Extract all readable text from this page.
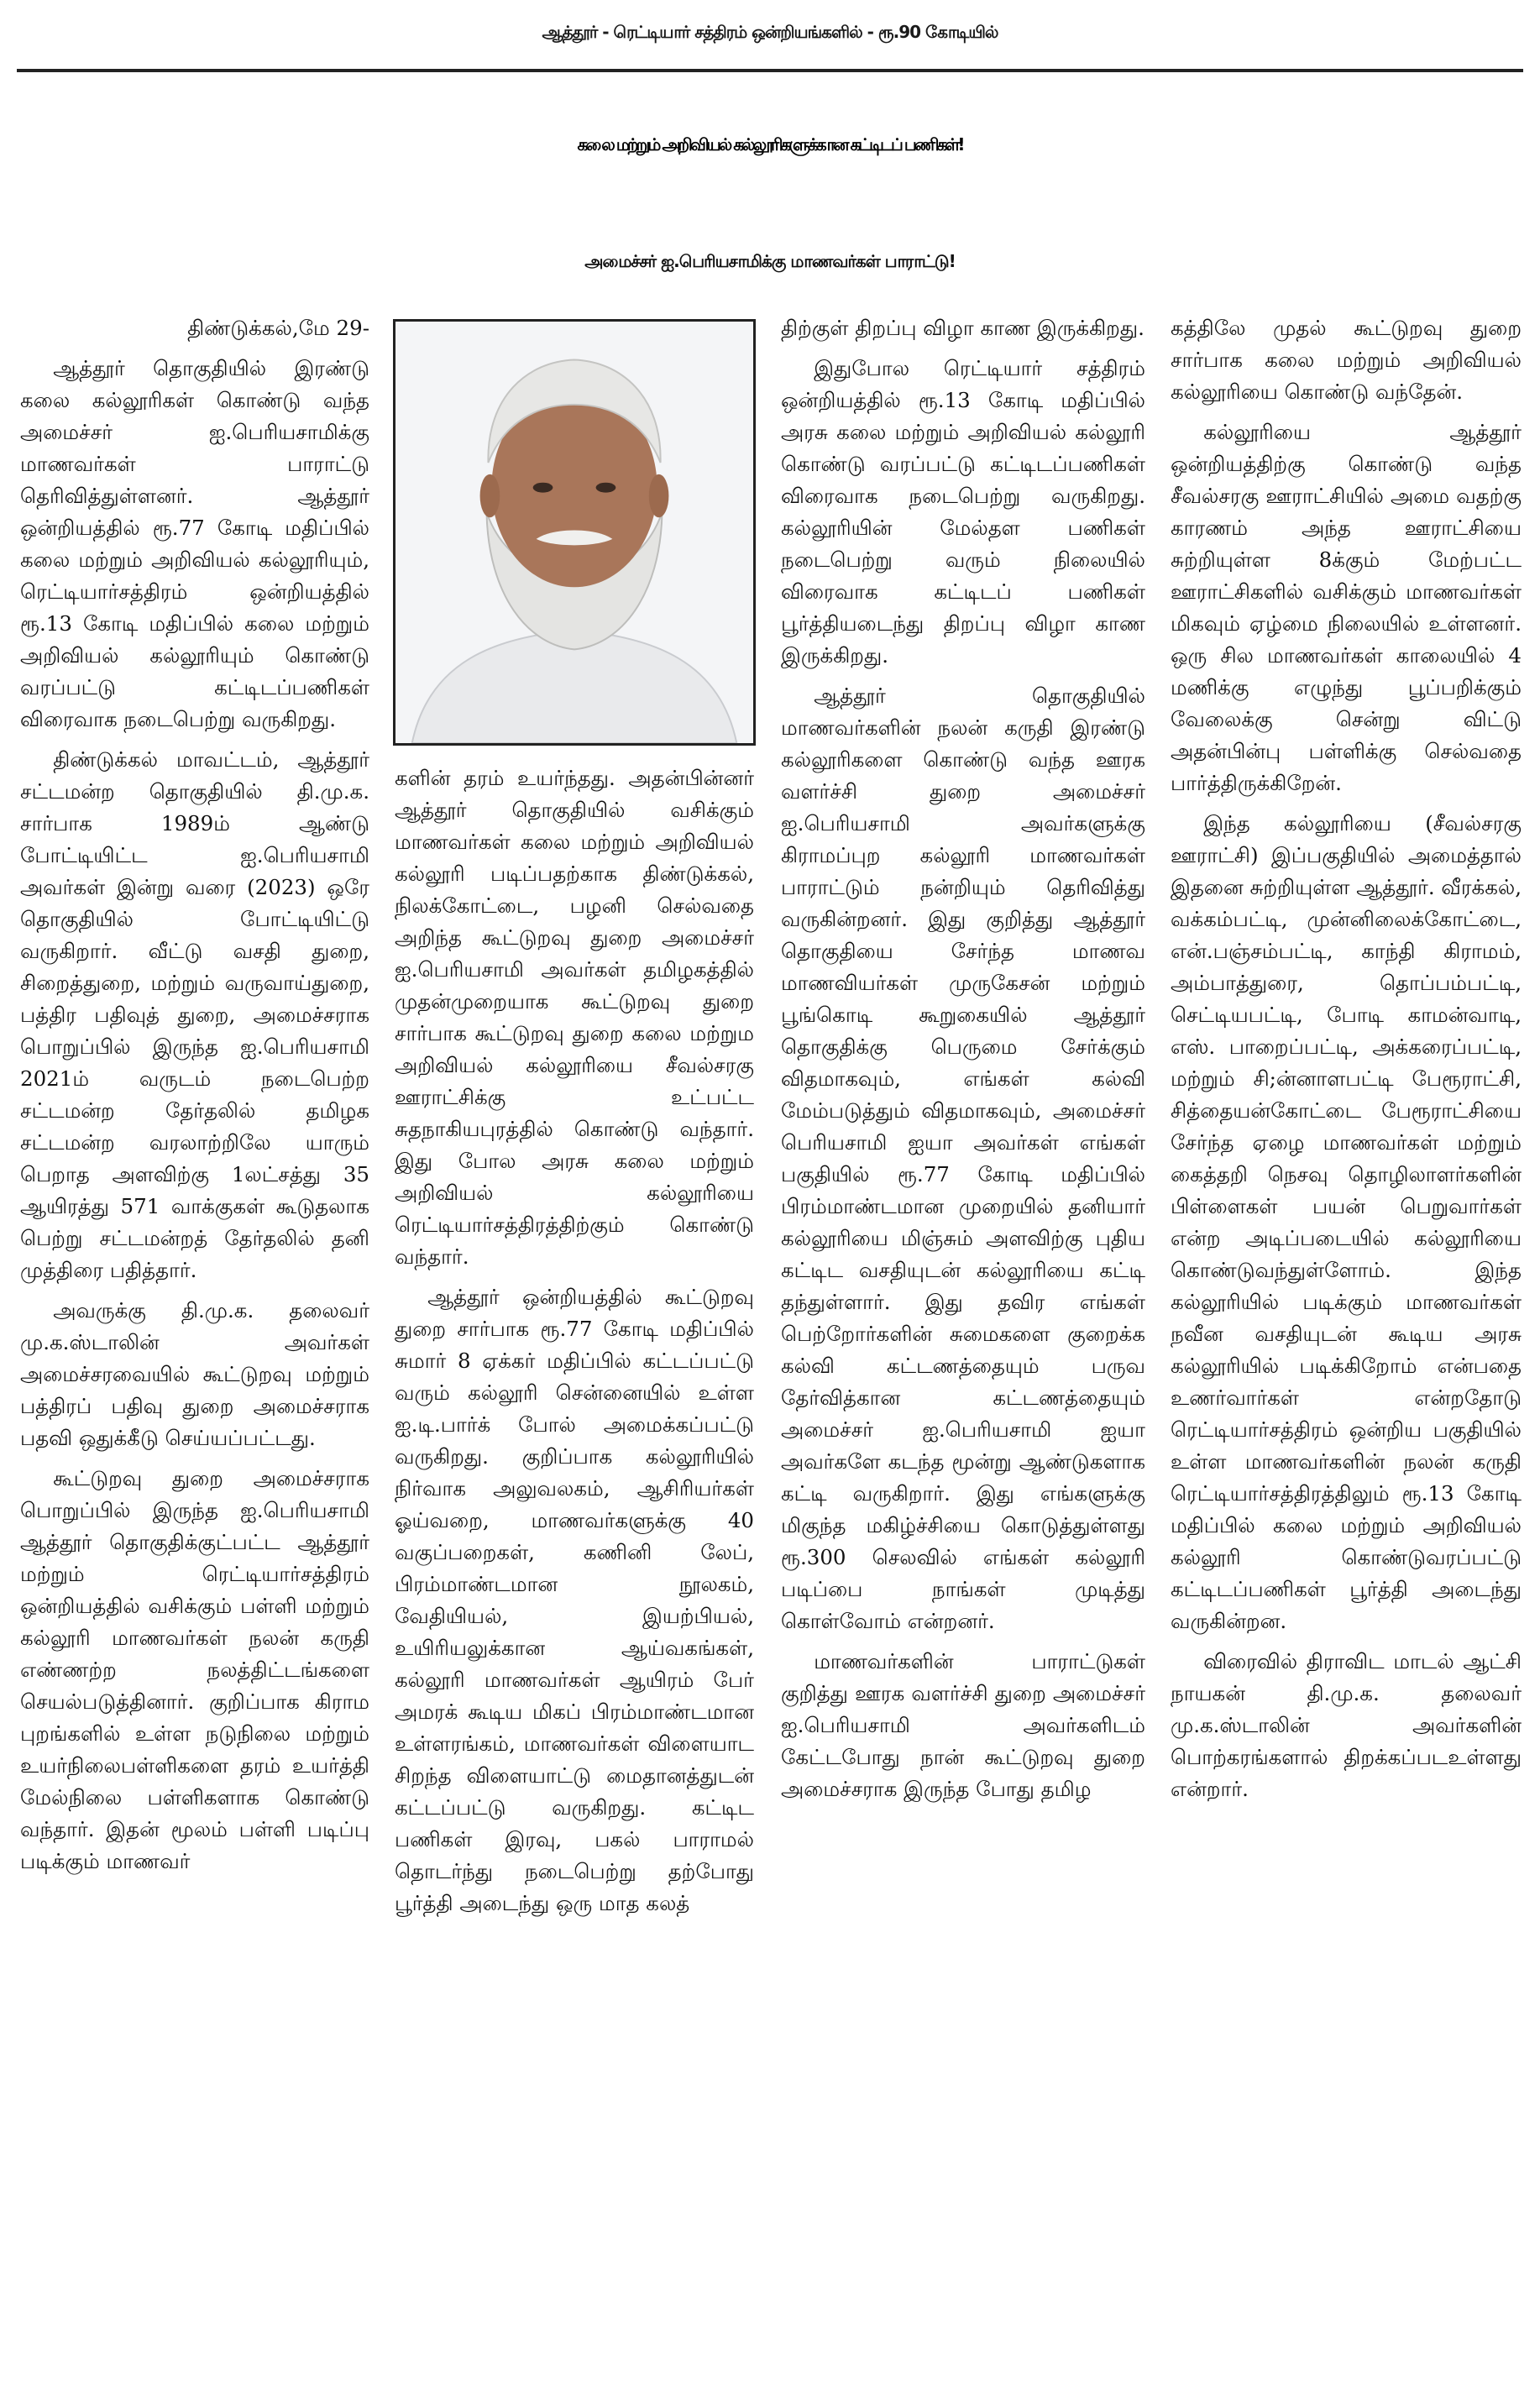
ஆத்தூர் - ரெட்டியார் சத்திரம் ஒன்றியங்களில் - ரூ.90 கோடியில்
கலை மற்றும் அறிவியல் கல்லூரிகளுக்கான கட்டிடப் பணிகள்!
அமைச்சர் ஐ.பெரியசாமிக்கு மாணவர்கள் பாராட்டு!

திண்டுக்கல்,மே 29-

ஆத்தூர் தொகுதியில் இரண்டு கலை கல்லூரிகள் கொண்டு வந்த அமைச்சர் ஐ.பெரியசாமிக்கு மாணவர்கள் பாராட்டு தெரிவித்துள்ளனர். ஆத்தூர் ஒன்றியத்தில் ரூ.77 கோடி மதிப்பில் கலை மற்றும் அறிவியல் கல்லூரியும், ரெட்டியார்சத்திரம் ஒன்றியத்தில் ரூ.13 கோடி மதிப்பில் கலை மற்றும் அறிவியல் கல்லூரியும் கொண்டு வரப்பட்டு கட்டிடப்பணிகள் விரைவாக நடைபெற்று வருகிறது.

திண்டுக்கல் மாவட்டம், ஆத்தூர் சட்டமன்ற தொகுதியில் தி.மு.க. சார்பாக 1989ம் ஆண்டு போட்டியிட்ட ஐ.பெரியசாமி அவர்கள் இன்று வரை (2023) ஒரே தொகுதியில் போட்டியிட்டு வருகிறார். வீட்டு வசதி துறை, சிறைத்துறை, மற்றும் வருவாய்துறை, பத்திர பதிவுத் துறை, அமைச்சராக பொறுப்பில் இருந்த ஐ.பெரியசாமி 2021ம் வருடம் நடைபெற்ற சட்டமன்ற தேர்தலில் தமிழக சட்டமன்ற வரலாற்றிலே யாரும் பெறாத அளவிற்கு 1லட்சத்து 35 ஆயிரத்து 571 வாக்குகள் கூடுதலாக பெற்று சட்டமன்றத் தேர்தலில் தனி முத்திரை பதித்தார்.

அவருக்கு தி.மு.க. தலைவர் மு.க.ஸ்டாலின் அவர்கள் அமைச்சரவையில் கூட்டுறவு மற்றும் பத்திரப் பதிவு துறை அமைச்சராக பதவி ஒதுக்கீடு செய்யப்பட்டது.

கூட்டுறவு துறை அமைச்சராக பொறுப்பில் இருந்த ஐ.பெரியசாமி ஆத்தூர் தொகுதிக்குட்பட்ட ஆத்தூர் மற்றும் ரெட்டியார்சத்திரம் ஒன்றியத்தில் வசிக்கும் பள்ளி மற்றும் கல்லூரி மாணவர்கள் நலன் கருதி எண்ணற்ற நலத்திட்டங்களை செயல்படுத்தினார். குறிப்பாக கிராம புறங்களில் உள்ள நடுநிலை மற்றும் உயர்நிலைபள்ளிகளை தரம் உயர்த்தி மேல்நிலை பள்ளிகளாக கொண்டு வந்தார். இதன் மூலம் பள்ளி படிப்பு படிக்கும் மாணவர்

களின் தரம் உயர்ந்தது. அதன்பின்னர் ஆத்தூர் தொகுதியில் வசிக்கும் மாணவர்கள் கலை மற்றும் அறிவியல் கல்லூரி படிப்பதற்காக திண்டுக்கல், நிலக்கோட்டை, பழனி செல்வதை அறிந்த கூட்டுறவு துறை அமைச்சர் ஐ.பெரியசாமி அவர்கள் தமிழகத்தில் முதன்முறையாக கூட்டுறவு துறை சார்பாக கூட்டுறவு துறை கலை மற்றும அறிவியல் கல்லூரியை சீவல்சரகு ஊராட்சிக்கு உட்பட்ட சுதநாகியபுரத்தில் கொண்டு வந்தார். இது போல அரசு கலை மற்றும் அறிவியல் கல்லூரியை ரெட்டியார்சத்திரத்திற்கும் கொண்டு வந்தார்.

ஆத்தூர் ஒன்றியத்தில் கூட்டுறவு துறை சார்பாக ரூ.77 கோடி மதிப்பில் சுமார் 8 ஏக்கர் மதிப்பில் கட்டப்பட்டு வரும் கல்லூரி சென்னையில் உள்ள ஐ.டி.பார்க் போல் அமைக்கப்பட்டு வருகிறது. குறிப்பாக கல்லூரியில் நிர்வாக அலுவலகம், ஆசிரியர்கள் ஓய்வறை, மாணவர்களுக்கு 40 வகுப்பறைகள், கணினி லேப், பிரம்மாண்டமான நூலகம், வேதியியல், இயற்பியல், உயிரியலுக்கான ஆய்வகங்கள், கல்லூரி மாணவர்கள் ஆயிரம் பேர் அமரக் கூடிய மிகப் பிரம்மாண்டமான உள்ளரங்கம், மாணவர்கள் விளையாட சிறந்த விளையாட்டு மைதானத்துடன் கட்டப்பட்டு வருகிறது. கட்டிட பணிகள் இரவு, பகல் பாராமல் தொடர்ந்து நடைபெற்று தற்போது பூர்த்தி அடைந்து ஒரு மாத கலத்

திற்குள் திறப்பு விழா காண இருக்கிறது.

இதுபோல ரெட்டியார் சத்திரம் ஒன்றியத்தில் ரூ.13 கோடி மதிப்பில் அரசு கலை மற்றும் அறிவியல் கல்லூரி கொண்டு வரப்பட்டு கட்டிடப்பணிகள் விரைவாக நடைபெற்று வருகிறது. கல்லூரியின் மேல்தள பணிகள் நடைபெற்று வரும் நிலையில் விரைவாக கட்டிடப் பணிகள் பூர்த்தியடைந்து திறப்பு விழா காண இருக்கிறது.

ஆத்தூர் தொகுதியில் மாணவர்களின் நலன் கருதி இரண்டு கல்லூரிகளை கொண்டு வந்த ஊரக வளர்ச்சி துறை அமைச்சர் ஐ.பெரியசாமி அவர்களுக்கு கிராமப்புற கல்லூரி மாணவர்கள் பாராட்டும் நன்றியும் தெரிவித்து வருகின்றனர். இது குறித்து ஆத்தூர் தொகுதியை சேர்ந்த மாணவ மாணவியர்கள் முருகேசன் மற்றும் பூங்கொடி கூறுகையில் ஆத்தூர் தொகுதிக்கு பெருமை சேர்க்கும் விதமாகவும், எங்கள் கல்வி மேம்படுத்தும் விதமாகவும், அமைச்சர் பெரியசாமி ஐயா அவர்கள் எங்கள் பகுதியில் ரூ.77 கோடி மதிப்பில் பிரம்மாண்டமான முறையில் தனியார் கல்லூரியை மிஞ்சும் அளவிற்கு புதிய கட்டிட வசதியுடன் கல்லூரியை கட்டி தந்துள்ளார். இது தவிர எங்கள் பெற்றோர்களின் சுமைகளை குறைக்க கல்வி கட்டணத்தையும் பருவ தேர்வித்கான கட்டணத்தையும் அமைச்சர் ஐ.பெரியசாமி ஐயா அவர்களே கடந்த மூன்று ஆண்டுகளாக கட்டி வருகிறார். இது எங்களுக்கு மிகுந்த மகிழ்ச்சியை கொடுத்துள்ளது ரூ.300 செலவில் எங்கள் கல்லூரி படிப்பை நாங்கள் முடித்து கொள்வோம் என்றனர்.

மாணவர்களின் பாராட்டுகள் குறித்து ஊரக வளர்ச்சி துறை அமைச்சர் ஐ.பெரியசாமி அவர்களிடம் கேட்டபோது நான் கூட்டுறவு துறை அமைச்சராக இருந்த போது தமிழ

கத்திலே முதல் கூட்டுறவு துறை சார்பாக கலை மற்றும் அறிவியல் கல்லூரியை கொண்டு வந்தேன்.

கல்லூரியை ஆத்தூர் ஒன்றியத்திற்கு கொண்டு வந்த சீவல்சரகு ஊராட்சியில் அமை வதற்கு காரணம் அந்த ஊராட்சியை சுற்றியுள்ள 8க்கும் மேற்பட்ட ஊராட்சிகளில் வசிக்கும் மாணவர்கள் மிகவும் ஏழ்மை நிலையில் உள்ளனர். ஒரு சில மாணவர்கள் காலையில் 4 மணிக்கு எழுந்து பூப்பறிக்கும் வேலைக்கு சென்று விட்டு அதன்பின்பு பள்ளிக்கு செல்வதை பார்த்திருக்கிறேன்.

இந்த கல்லூரியை (சீவல்சரகு ஊராட்சி) இப்பகுதியில் அமைத்தால் இதனை சுற்றியுள்ள ஆத்தூர். வீரக்கல், வக்கம்பட்டி, முன்னிலைக்கோட்டை, என்.பஞ்சம்பட்டி, காந்தி கிராமம், அம்பாத்துரை, தொப்பம்பட்டி, செட்டியபட்டி, போடி காமன்வாடி, எஸ். பாறைப்பட்டி, அக்கரைப்பட்டி, மற்றும் சி;ன்னாளபட்டி பேரூராட்சி, சித்தையன்கோட்டை பேரூராட்சியை சேர்ந்த ஏழை மாணவர்கள் மற்றும் கைத்தறி நெசவு தொழிலாளர்களின் பிள்ளைகள் பயன் பெறுவார்கள் என்ற அடிப்படையில் கல்லூரியை கொண்டுவந்துள்ளோம். இந்த கல்லூரியில் படிக்கும் மாணவர்கள் நவீன வசதியுடன் கூடிய அரசு கல்லூரியில் படிக்கிறோம் என்பதை உணர்வார்கள் என்றதோடு ரெட்டியார்சத்திரம் ஒன்றிய பகுதியில் உள்ள மாணவர்களின் நலன் கருதி ரெட்டியார்சத்திரத்திலும் ரூ.13 கோடி மதிப்பில் கலை மற்றும் அறிவியல் கல்லூரி கொண்டுவரப்பட்டு கட்டிடப்பணிகள் பூர்த்தி அடைந்து வருகின்றன.

விரைவில் திராவிட மாடல் ஆட்சி நாயகன் தி.மு.க. தலைவர் மு.க.ஸ்டாலின் அவர்களின் பொற்கரங்களால் திறக்கப்படஉள்ளது என்றார்.
